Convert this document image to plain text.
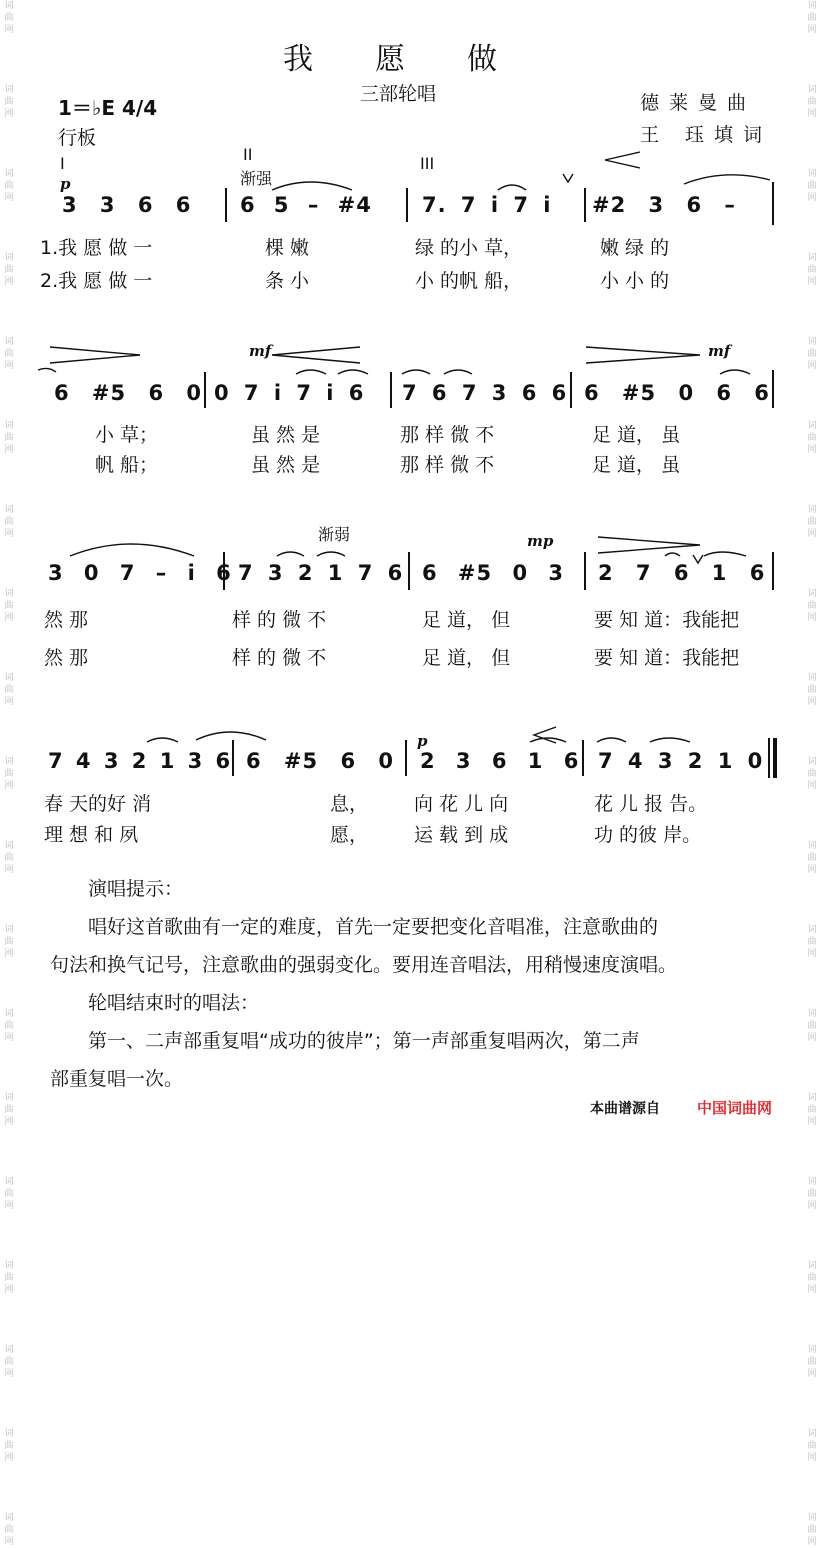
词
曲
网
词
曲
网
词
曲
网
词
曲
网
词
曲
网
词
曲
网
词
曲
网
词
曲
网
词
曲
网
词
曲
网
词
曲
网
词
曲
网
词
曲
网
词
曲
网
词
曲
网
词
曲
网
词
曲
网
词
曲
网
词
曲
网
词
曲
网
词
曲
网
词
曲
网
词
曲
网
词
曲
网
词
曲
网
词
曲
网
词
曲
网
词
曲
网
词
曲
网
词
曲
网
词
曲
网
词
曲
网
词
曲
网
词
曲
网
词
曲
网
词
曲
网
词
曲
网
词
曲
网
我愿做
三部轮唱
1＝♭E 4/4
行板
德莱曼曲
王 珏填词
I
p
II
渐强
III
3 3 6 6 6 5 – #4 7. 7 i 7 i #2 3 6 –
1.我 愿 做 一	棵 嫩	绿 的小 草，	嫩 绿 的
2.我 愿 做 一	条 小	小 的帆 船，	小 小 的
mf	mf
6 #5 6 0 0 7 i 7 i 6 7 6 7 3 6 6 6 #5 0 6 6
小 草；	虽 然 是	那 样 微 不	足 道， 虽
帆 船；	虽 然 是	那 样 微 不	足 道， 虽
渐弱	mp
3 0 7 – i 6 7 3 2 1 7 6 6 #5 0 3 2 7 6 1 6
然 那	样 的 微 不	足 道， 但	要 知 道：我能把
然 那	样 的 微 不	足 道， 但	要 知 道：我能把
p
7 4 3 2 1 3 6 6 #5 6 0 2 3 6 1 6 7 4 3 2 1 0
春 天的好 消	息， 向 花 儿 向	花 儿 报 告。
理 想 和 夙	愿， 运 载 到 成	功 的彼 岸。
演唱提示：
唱好这首歌曲有一定的难度，首先一定要把变化音唱准，注意歌曲的
句法和换气记号，注意歌曲的强弱变化。要用连音唱法，用稍慢速度演唱。
轮唱结束时的唱法：
第一、二声部重复唱“成功的彼岸”；第一声部重复唱两次，第二声
部重复唱一次。
本曲谱源自 中国词曲网
